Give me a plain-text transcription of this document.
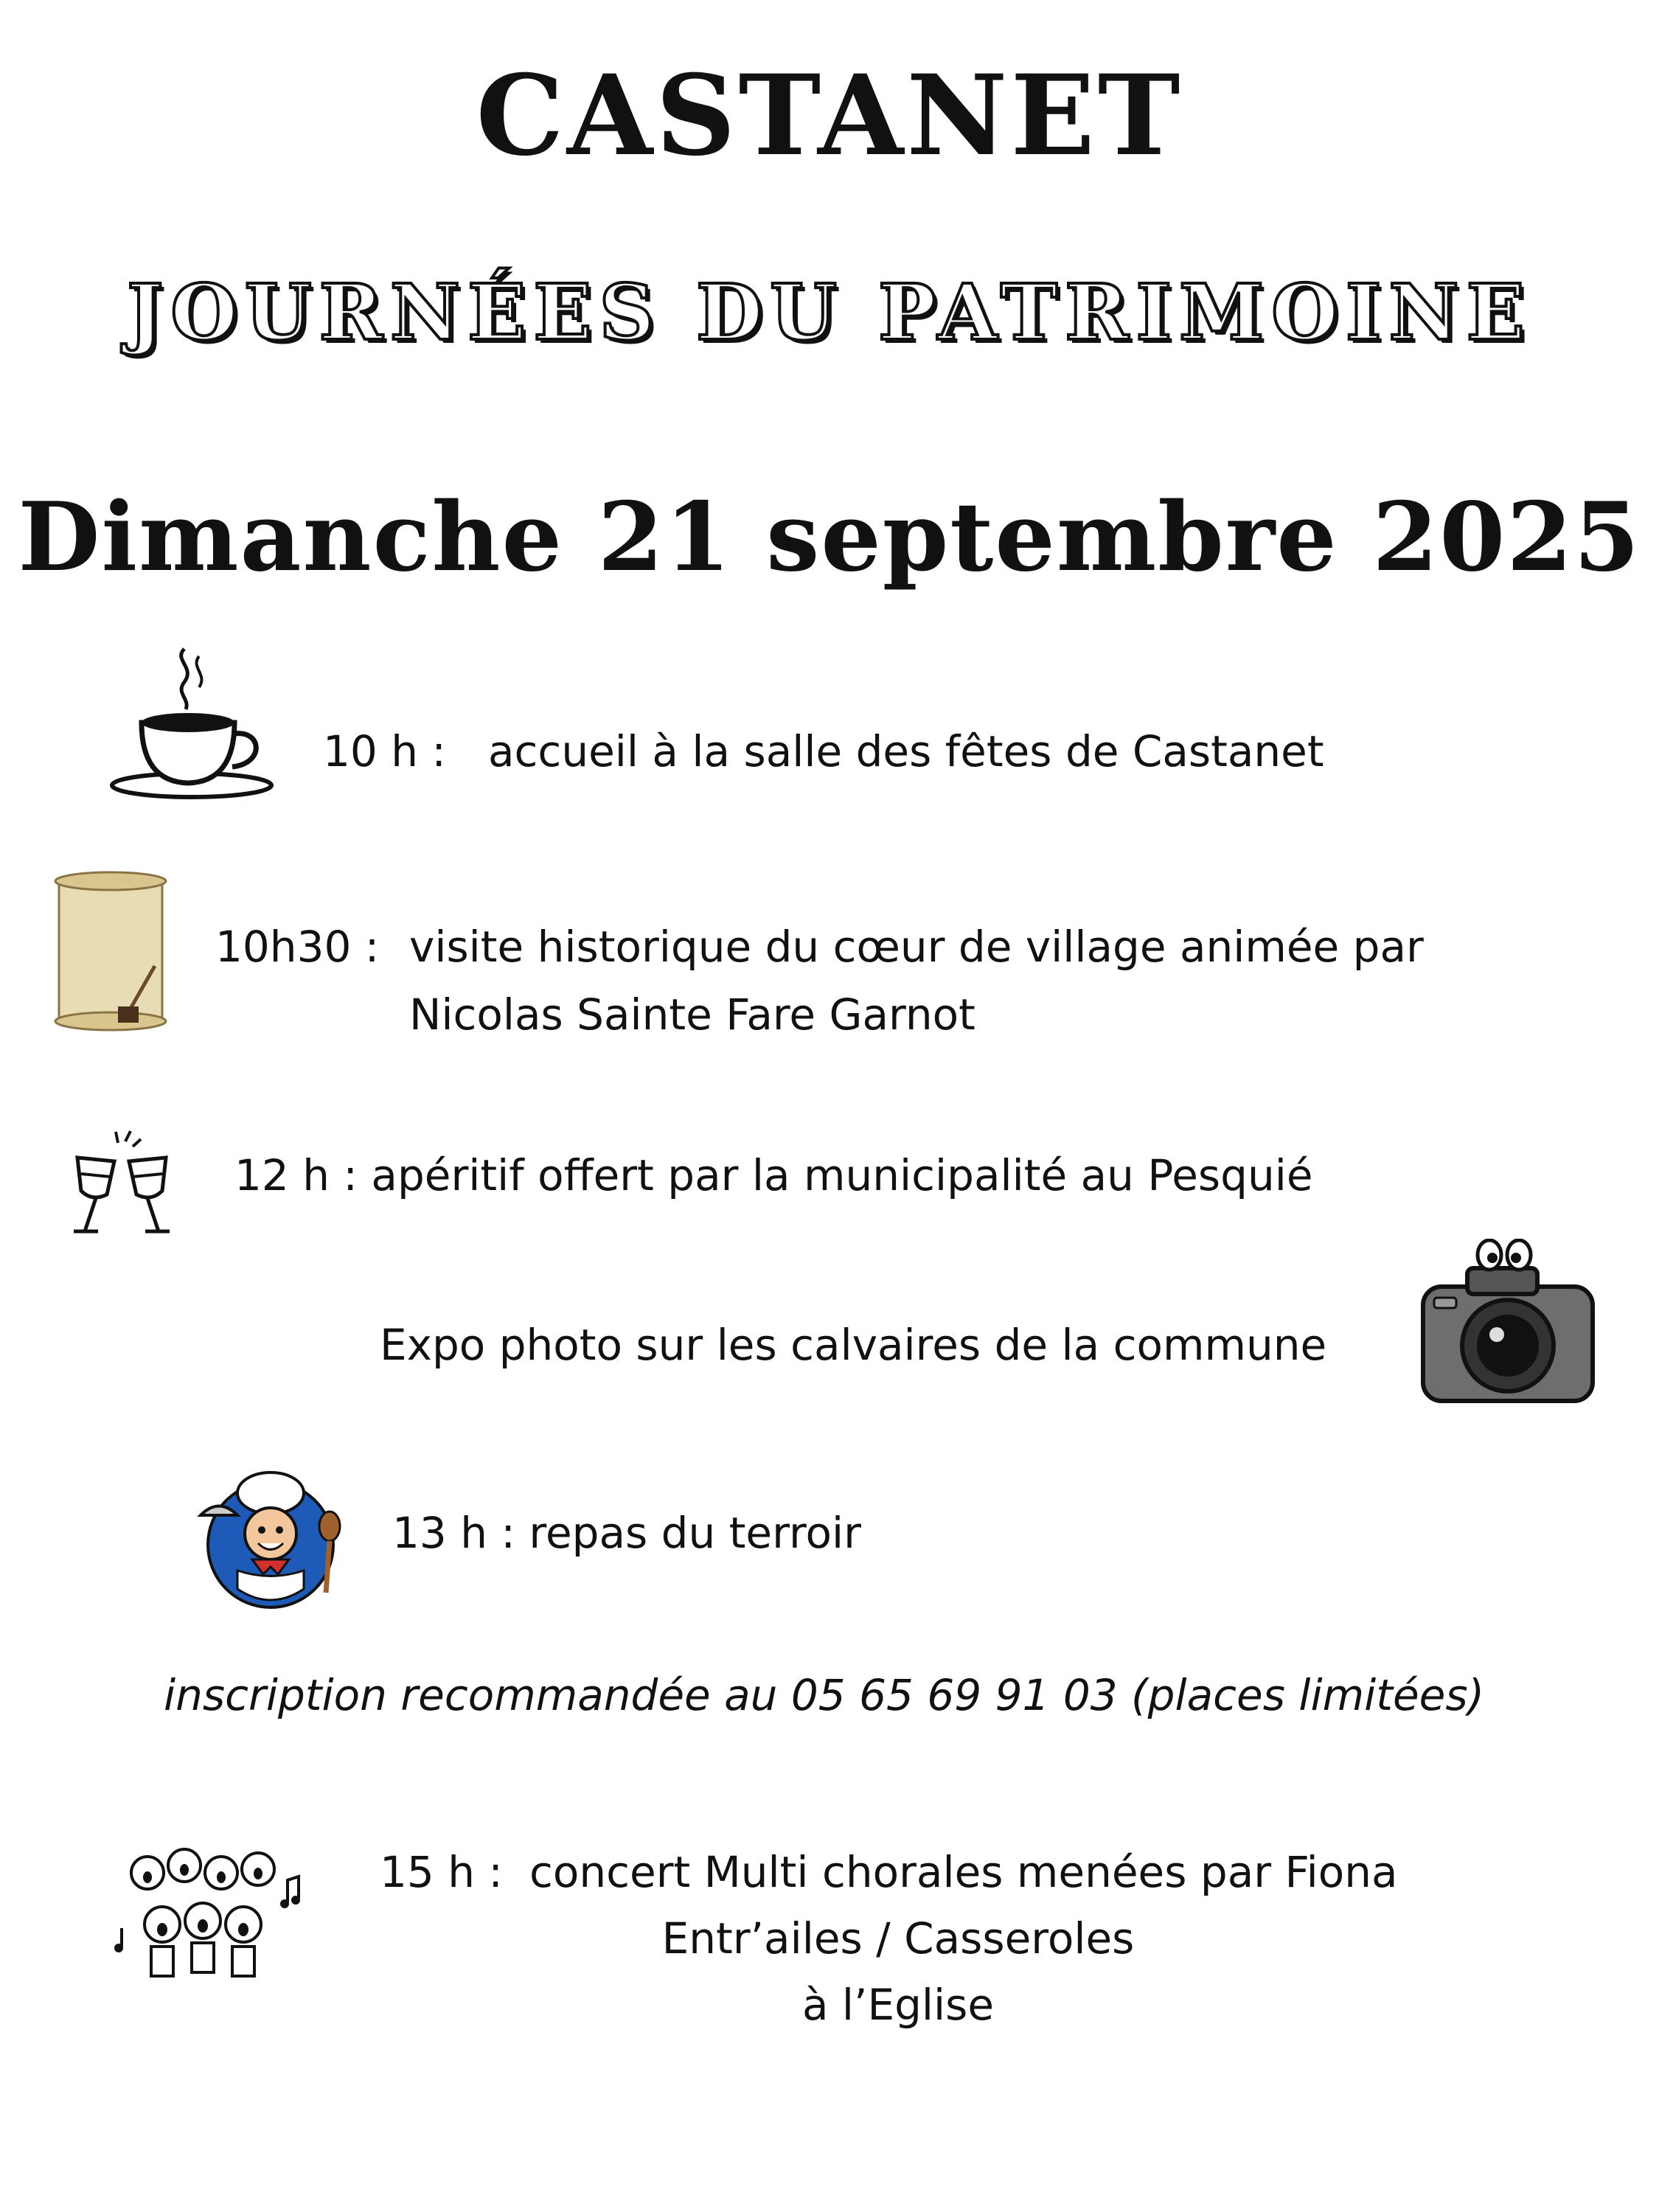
CASTANET
JOURNÉES DU PATRIMOINE
Dimanche 21 septembre 2025
10 h : accueil à la salle des fêtes de Castanet
10h30 : visite historique du cœur de village animée par
Nicolas Sainte Fare Garnot
12 h : apéritif offert par la municipalité au Pesquié
Expo photo sur les calvaires de la commune
13 h : repas du terroir
inscription recommandée au 05 65 69 91 03 (places limitées)
15 h : concert Multi chorales menées par Fiona
Entr’ailes / Casseroles
à l’Eglise
